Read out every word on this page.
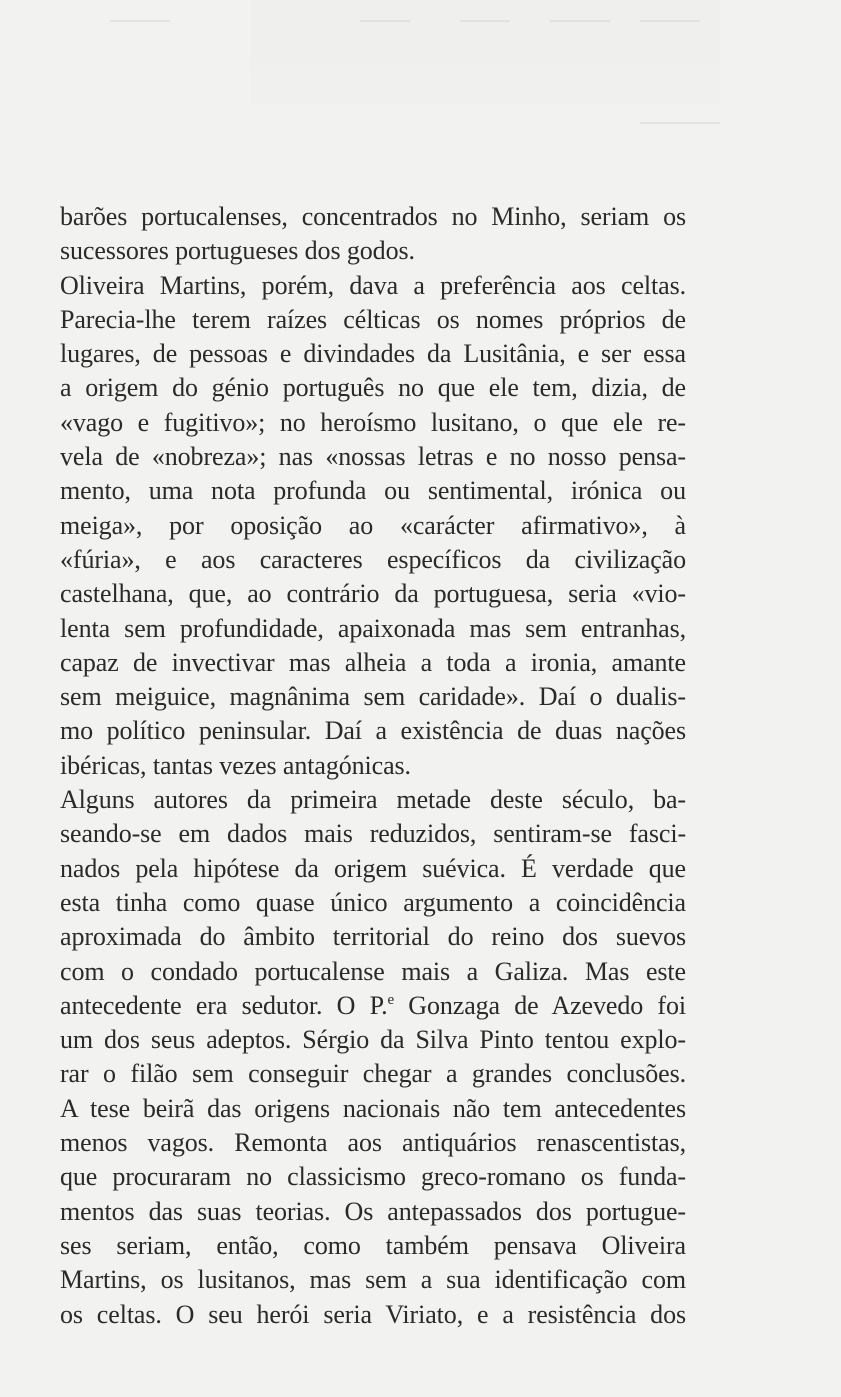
barões portucalenses, concentrados no Minho, seriam os
sucessores portugueses dos godos.
Oliveira Martins, porém, dava a preferência aos celtas.
Parecia-lhe terem raízes célticas os nomes próprios de
lugares, de pessoas e divindades da Lusitânia, e ser essa
a origem do génio português no que ele tem, dizia, de
«vago e fugitivo»; no heroísmo lusitano, o que ele re-
vela de «nobreza»; nas «nossas letras e no nosso pensa-
mento, uma nota profunda ou sentimental, irónica ou
meiga», por oposição ao «carácter afirmativo», à
«fúria», e aos caracteres específicos da civilização
castelhana, que, ao contrário da portuguesa, seria «vio-
lenta sem profundidade, apaixonada mas sem entranhas,
capaz de invectivar mas alheia a toda a ironia, amante
sem meiguice, magnânima sem caridade». Daí o dualis-
mo político peninsular. Daí a existência de duas nações
ibéricas, tantas vezes antagónicas.
Alguns autores da primeira metade deste século, ba-
seando-se em dados mais reduzidos, sentiram-se fasci-
nados pela hipótese da origem suévica. É verdade que
esta tinha como quase único argumento a coincidência
aproximada do âmbito territorial do reino dos suevos
com o condado portucalense mais a Galiza. Mas este
antecedente era sedutor. O P.$^e$ Gonzaga de Azevedo foi
um dos seus adeptos. Sérgio da Silva Pinto tentou explo-
rar o filão sem conseguir chegar a grandes conclusões.
A tese beirã das origens nacionais não tem antecedentes
menos vagos. Remonta aos antiquários renascentistas,
que procuraram no classicismo greco-romano os funda-
mentos das suas teorias. Os antepassados dos portugue-
ses seriam, então, como também pensava Oliveira
Martins, os lusitanos, mas sem a sua identificação com
os celtas. O seu herói seria Viriato, e a resistência dos
